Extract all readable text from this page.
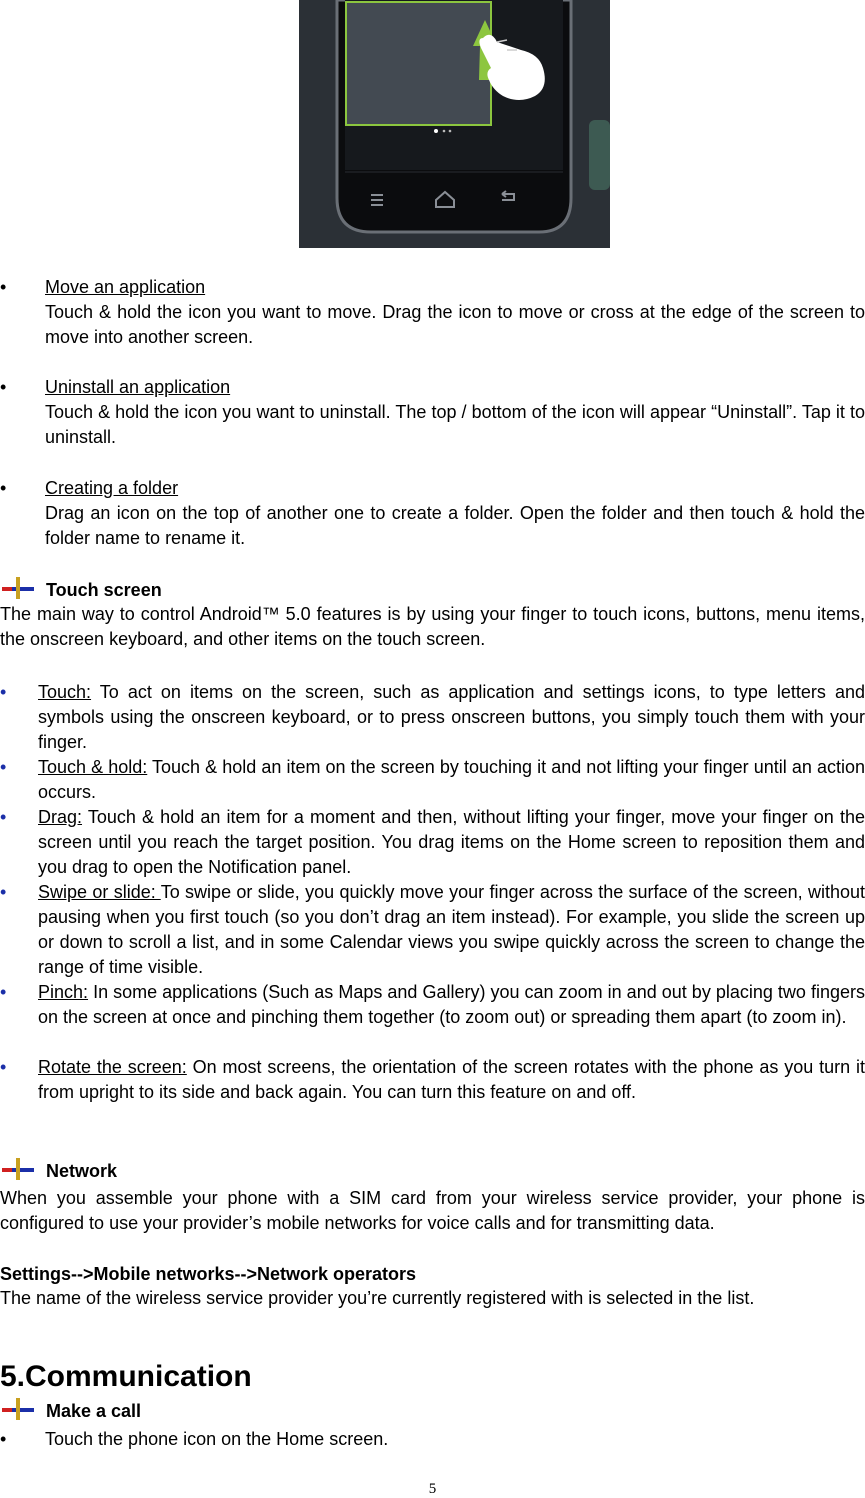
• Move an application
Touch & hold the icon you want to move. Drag the icon to move or cross at the edge of the screen to move into another screen.
• Uninstall an application
Touch & hold the icon you want to uninstall. The top / bottom of the icon will appear “Uninstall”. Tap it to uninstall.
• Creating a folder
Drag an icon on the top of another one to create a folder. Open the folder and then touch & hold the folder name to rename it.
Touch screen
The main way to control Android™ 5.0 features is by using your finger to touch icons, buttons, menu items, the onscreen keyboard, and other items on the touch screen.
• Touch: To act on items on the screen, such as application and settings icons, to type letters and symbols using the onscreen keyboard, or to press onscreen buttons, you simply touch them with your finger.
• Touch & hold: Touch & hold an item on the screen by touching it and not lifting your finger until an action occurs.
• Drag: Touch & hold an item for a moment and then, without lifting your finger, move your finger on the screen until you reach the target position. You drag items on the Home screen to reposition them and you drag to open the Notification panel.
• Swipe or slide: To swipe or slide, you quickly move your finger across the surface of the screen, without pausing when you first touch (so you don’t drag an item instead). For example, you slide the screen up or down to scroll a list, and in some Calendar views you swipe quickly across the screen to change the range of time visible.
• Pinch: In some applications (Such as Maps and Gallery) you can zoom in and out by placing two fingers on the screen at once and pinching them together (to zoom out) or spreading them apart (to zoom in).
• Rotate the screen: On most screens, the orientation of the screen rotates with the phone as you turn it from upright to its side and back again. You can turn this feature on and off.
Network
When you assemble your phone with a SIM card from your wireless service provider, your phone is configured to use your provider’s mobile networks for voice calls and for transmitting data.
Settings-->Mobile networks-->Network operators
The name of the wireless service provider you’re currently registered with is selected in the list.
5.Communication
Make a call
• Touch the phone icon on the Home screen.
5
